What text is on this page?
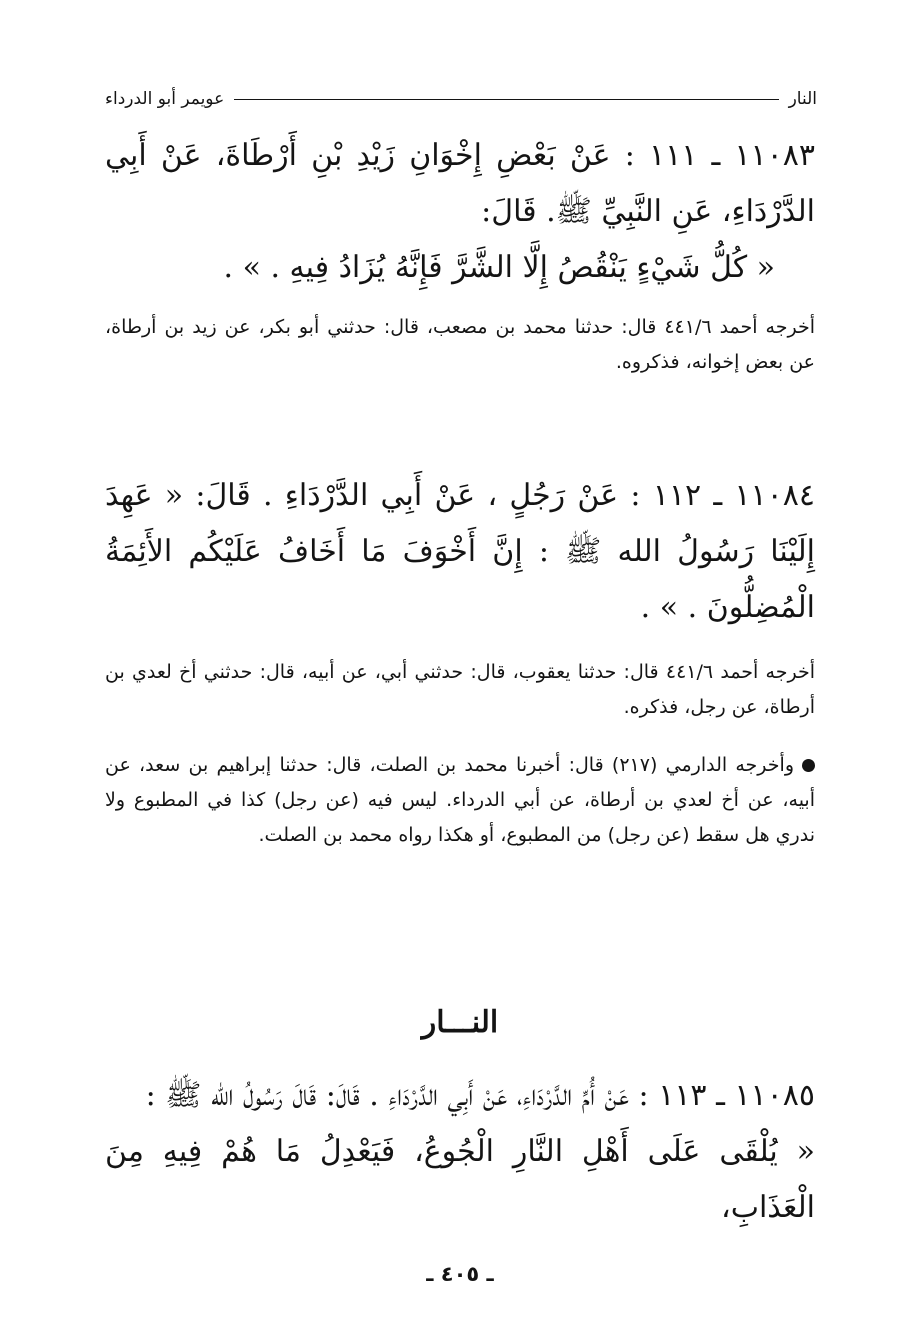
النار
عويمر أبو الدرداء
١١٠٨٣ ـ ١١١ : عَنْ بَعْضِ إِخْوَانِ زَيْدِ بْنِ أَرْطَاةَ، عَنْ أَبِي الدَّرْدَاءِ، عَنِ النَّبِيِّ ﷺ. قَالَ:
« كُلُّ شَيْءٍ يَنْقُصُ إِلَّا الشَّرَّ فَإِنَّهُ يُزَادُ فِيهِ . » .
أخرجه أحمد ٤٤١/٦ قال: حدثنا محمد بن مصعب، قال: حدثني أبو بكر، عن زيد بن أرطاة، عن بعض إخوانه، فذكروه.
١١٠٨٤ ـ ١١٢ : عَنْ رَجُلٍ ، عَنْ أَبِي الدَّرْدَاءِ . قَالَ: « عَهِدَ إِلَيْنَا رَسُولُ الله ﷺ : إِنَّ أَخْوَفَ مَا أَخَافُ عَلَيْكُم الأَئِمَةُ الْمُضِلُّونَ . » .
أخرجه أحمد ٤٤١/٦ قال: حدثنا يعقوب، قال: حدثني أبي، عن أبيه، قال: حدثني أخ لعدي بن أرطاة، عن رجل، فذكره.
وأخرجه الدارمي (٢١٧) قال: أخبرنا محمد بن الصلت، قال: حدثنا إبراهيم بن سعد، عن أبيه، عن أخ لعدي بن أرطاة، عن أبي الدرداء. ليس فيه (عن رجل) كذا في المطبوع ولا ندري هل سقط (عن رجل) من المطبوع، أو هكذا رواه محمد بن الصلت.
النـــار
١١٠٨٥ ـ ١١٣ : عَنْ أُمِّ الدَّرْدَاءِ، عَنْ أَبِي الدَّرْدَاءِ . قَالَ: قَالَ رَسُولُ الله ﷺ :
« يُلْقَى عَلَى أَهْلِ النَّارِ الْجُوعُ، فَيَعْدِلُ مَا هُمْ فِيهِ مِنَ الْعَذَابِ،
ـ ٤٠٥ ـ
